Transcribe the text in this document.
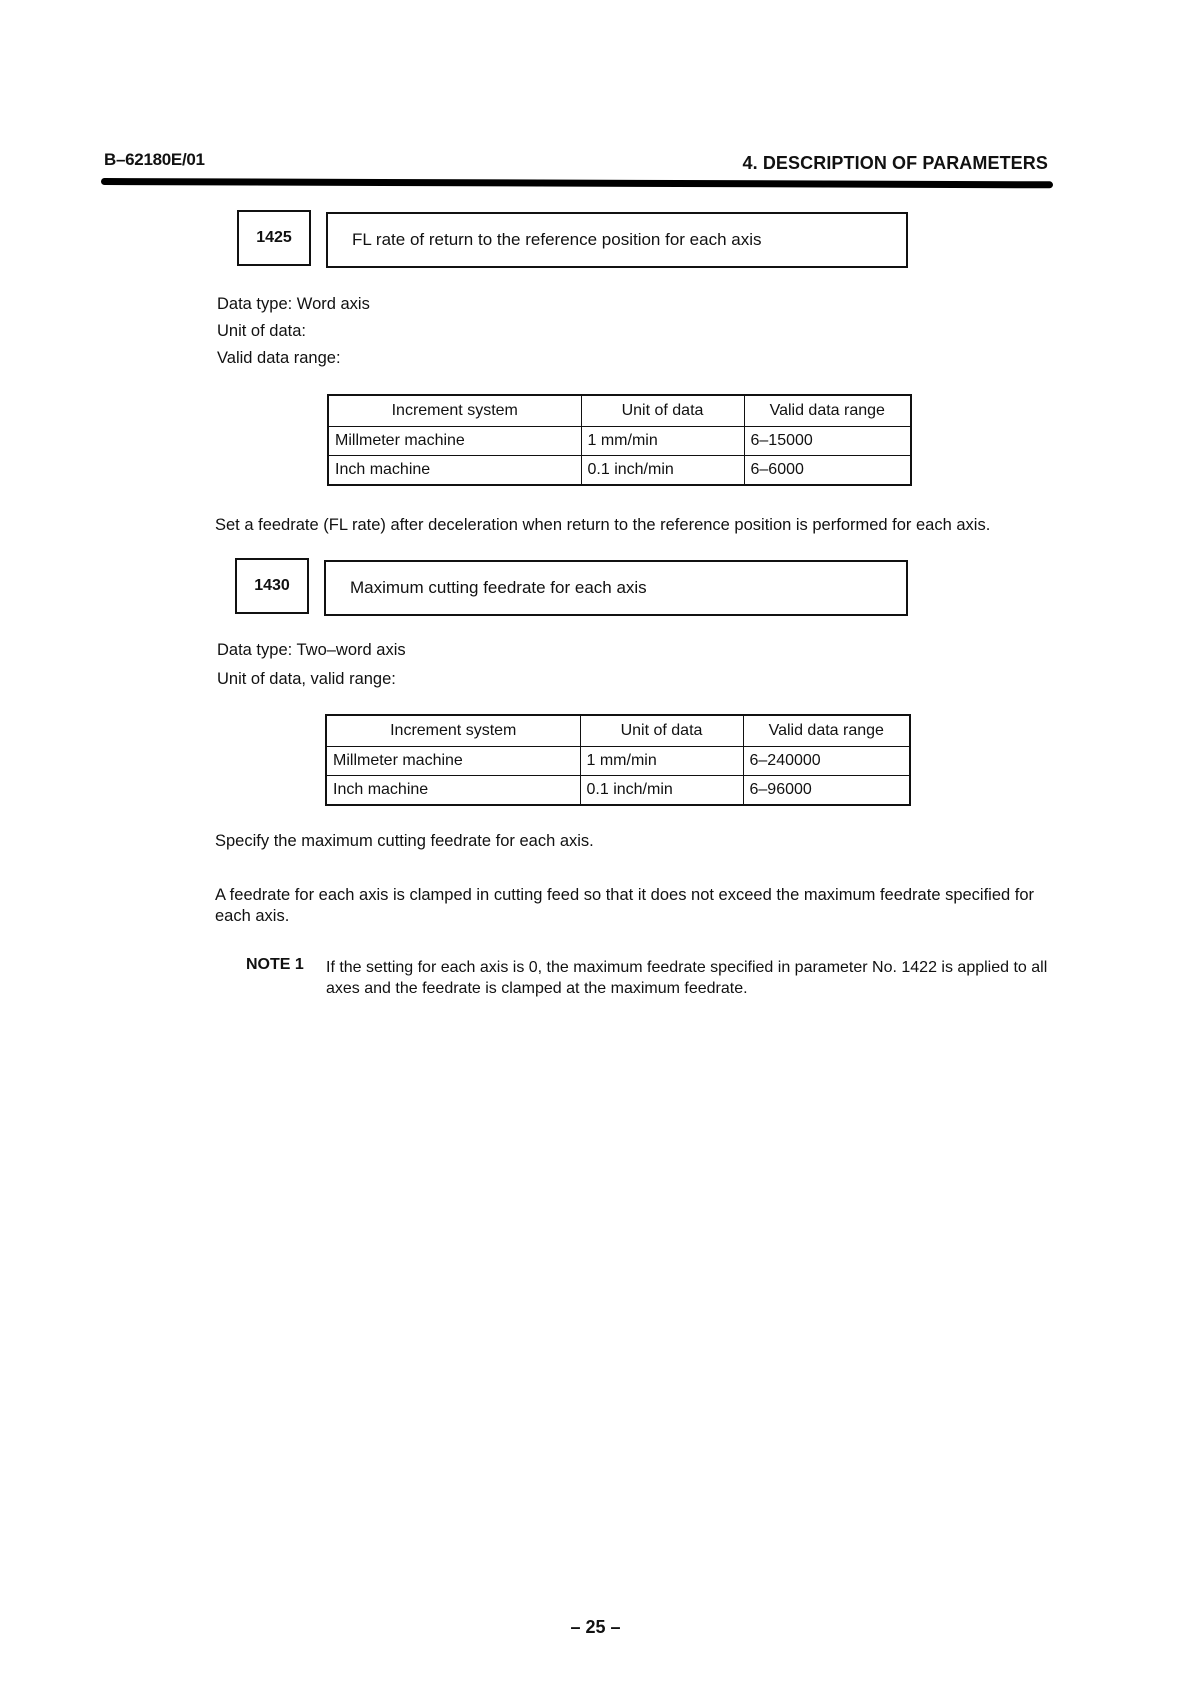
B–62180E/01	4. DESCRIPTION OF PARAMETERS
1425	FL rate of return to the reference position for each axis
Data type: Word axis
Unit of data:
Valid data range:
Increment system	Unit of data	Valid data range
Millmeter machine	1 mm/min	6–15000
Inch machine	0.1 inch/min	6–6000
Set a feedrate (FL rate) after deceleration when return to the reference position is performed for each axis.
1430	Maximum cutting feedrate for each axis
Data type: Two–word axis
Unit of data, valid range:
Increment system	Unit of data	Valid data range
Millmeter machine	1 mm/min	6–240000
Inch machine	0.1 inch/min	6–96000
Specify the maximum cutting feedrate for each axis.
A feedrate for each axis is clamped in cutting feed so that it does not exceed the maximum feedrate specified for each axis.
NOTE 1 If the setting for each axis is 0, the maximum feedrate specified in parameter No. 1422 is applied to all axes and the feedrate is clamped at the maximum feedrate.
– 25 –
